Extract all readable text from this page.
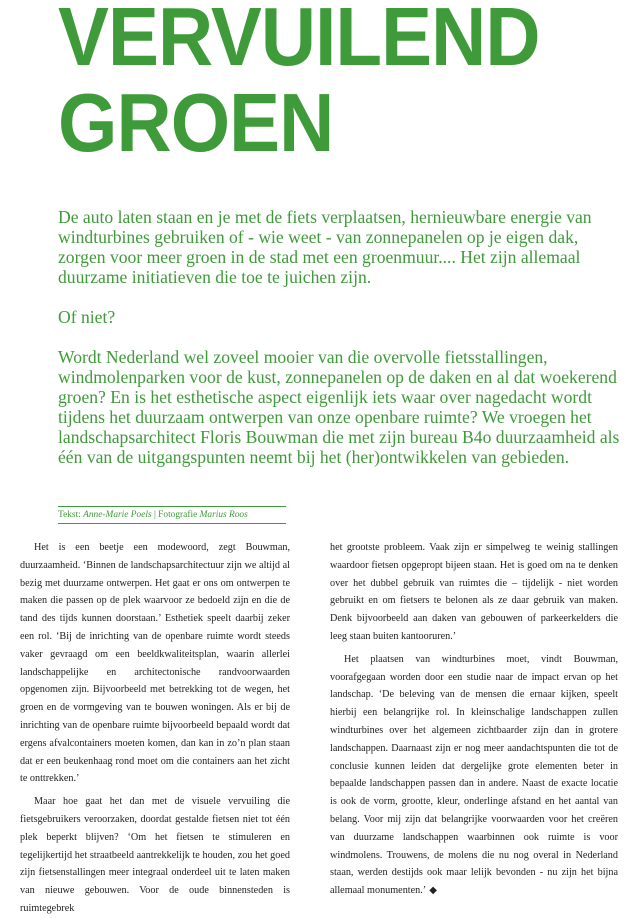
VERVUILEND
GROEN

De auto laten staan en je met de fiets verplaatsen, hernieuwbare energie van windturbines gebruiken of - wie weet - van zonnepanelen op je eigen dak, zorgen voor meer groen in de stad met een groenmuur.... Het zijn allemaal duurzame initiatieven die toe te juichen zijn.

Of niet?

Wordt Nederland wel zoveel mooier van die overvolle fietsstallingen, windmolenparken voor de kust, zonnepanelen op de daken en al dat woekerend groen? En is het esthetische aspect eigenlijk iets waar over nagedacht wordt tijdens het duurzaam ontwerpen van onze openbare ruimte? We vroegen het landschapsarchitect Floris Bouwman die met zijn bureau B4o duurzaamheid als één van de uitgangspunten neemt bij het (her)ontwikkelen van gebieden.

Tekst: Anne-Marie Poels | Fotografie Marius Roos

Het is een beetje een modewoord, zegt Bouwman, duurzaamheid. ‘Binnen de landschapsarchitectuur zijn we altijd al bezig met duurzame ontwerpen. Het gaat er ons om ontwerpen te maken die passen op de plek waarvoor ze bedoeld zijn en die de tand des tijds kunnen doorstaan.’ Esthetiek speelt daarbij zeker een rol. ‘Bij de inrichting van de openbare ruimte wordt steeds vaker gevraagd om een beeldkwaliteitsplan, waarin allerlei landschappelijke en architectonische randvoorwaarden opgenomen zijn. Bijvoorbeeld met betrekking tot de wegen, het groen en de vormgeving van te bouwen woningen. Als er bij de inrichting van de openbare ruimte bijvoorbeeld bepaald wordt dat ergens afvalcontainers moeten komen, dan kan in zo’n plan staan dat er een beukenhaag rond moet om die containers aan het zicht te onttrekken.’

Maar hoe gaat het dan met de visuele vervuiling die fietsgebruikers veroorzaken, doordat gestalde fietsen niet tot één plek beperkt blijven? ‘Om het fietsen te stimuleren en tegelijkertijd het straatbeeld aantrekkelijk te houden, zou het goed zijn fietsenstallingen meer integraal onderdeel uit te laten maken van nieuwe gebouwen. Voor de oude binnensteden is ruimtegebrek

het grootste probleem. Vaak zijn er simpelweg te weinig stallingen waardoor fietsen opgepropt bijeen staan. Het is goed om na te denken over het dubbel gebruik van ruimtes die – tijdelijk - niet worden gebruikt en om fietsers te belonen als ze daar gebruik van maken. Denk bijvoorbeeld aan daken van gebouwen of parkeerkelders die leeg staan buiten kantooruren.’

Het plaatsen van windturbines moet, vindt Bouwman, voorafgegaan worden door een studie naar de impact ervan op het landschap. ‘De beleving van de mensen die ernaar kijken, speelt hierbij een belangrijke rol. In kleinschalige landschappen zullen windturbines over het algemeen zichtbaarder zijn dan in grotere landschappen. Daarnaast zijn er nog meer aandachtspunten die tot de conclusie kunnen leiden dat dergelijke grote elementen beter in bepaalde landschappen passen dan in andere. Naast de exacte locatie is ook de vorm, grootte, kleur, onderlinge afstand en het aantal van belang. Voor mij zijn dat belangrijke voorwaarden voor het creëren van duurzame landschappen waarbinnen ook ruimte is voor windmolens. Trouwens, de molens die nu nog overal in Nederland staan, werden destijds ook maar lelijk bevonden - nu zijn het bijna allemaal monumenten.’ ◆
